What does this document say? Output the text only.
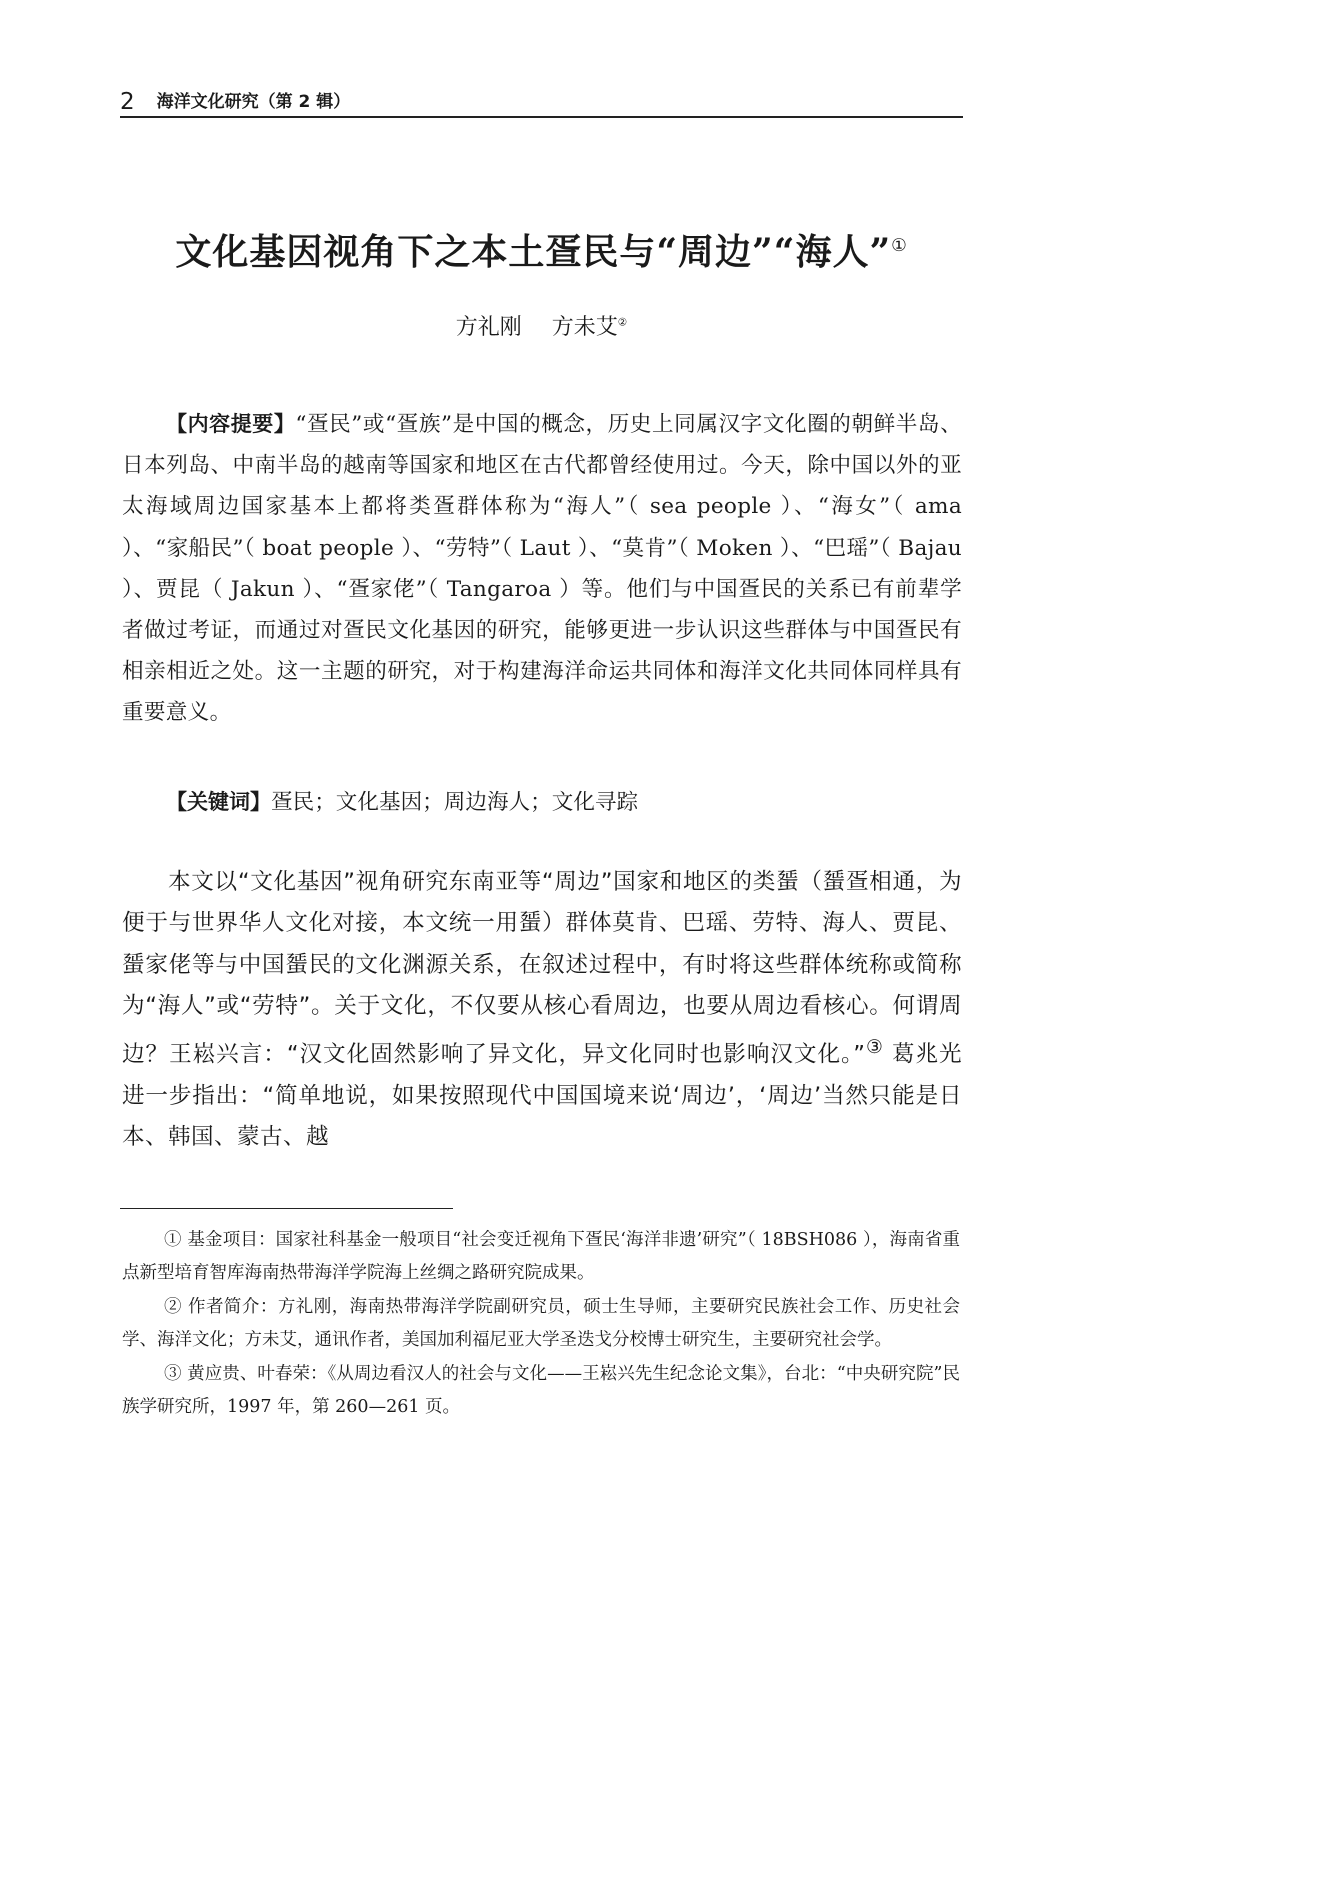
2 海洋文化研究（第 2 辑）
文化基因视角下之本土疍民与“周边”“海人”①
方礼刚 方未艾②
【内容提要】“疍民”或“疍族”是中国的概念，历史上同属汉字文化圈的朝鲜半岛、日本列岛、中南半岛的越南等国家和地区在古代都曾经使用过。今天，除中国以外的亚太海域周边国家基本上都将类疍群体称为“海人”（ sea people ）、“海女”（ ama ）、“家船民”（ boat people ）、“劳特”（ Laut ）、“莫肯”（ Moken ）、“巴瑶”（ Bajau ）、贾昆（ Jakun ）、“疍家佬”（ Tangaroa ）等。他们与中国疍民的关系已有前辈学者做过考证，而通过对疍民文化基因的研究，能够更进一步认识这些群体与中国疍民有相亲相近之处。这一主题的研究，对于构建海洋命运共同体和海洋文化共同体同样具有重要意义。
【关键词】疍民；文化基因；周边海人；文化寻踪
本文以“文化基因”视角研究东南亚等“周边”国家和地区的类蜑（蜑疍相通，为便于与世界华人文化对接，本文统一用蜑）群体莫肯、巴瑶、劳特、海人、贾昆、蜑家佬等与中国蜑民的文化渊源关系，在叙述过程中，有时将这些群体统称或简称为“海人”或“劳特”。关于文化，不仅要从核心看周边，也要从周边看核心。何谓周边？王崧兴言：“汉文化固然影响了异文化，异文化同时也影响汉文化。”③ 葛兆光进一步指出：“简单地说，如果按照现代中国国境来说‘周边’，‘周边’当然只能是日本、韩国、蒙古、越

① 基金项目：国家社科基金一般项目“社会变迁视角下疍民‘海洋非遗’研究”（ 18BSH086 ），海南省重点新型培育智库海南热带海洋学院海上丝绸之路研究院成果。

② 作者简介：方礼刚，海南热带海洋学院副研究员，硕士生导师，主要研究民族社会工作、历史社会学、海洋文化；方未艾，通讯作者，美国加利福尼亚大学圣迭戈分校博士研究生，主要研究社会学。

③ 黄应贵、叶春荣：《从周边看汉人的社会与文化——王崧兴先生纪念论文集》，台北：“中央研究院”民族学研究所，1997 年，第 260—261 页。
